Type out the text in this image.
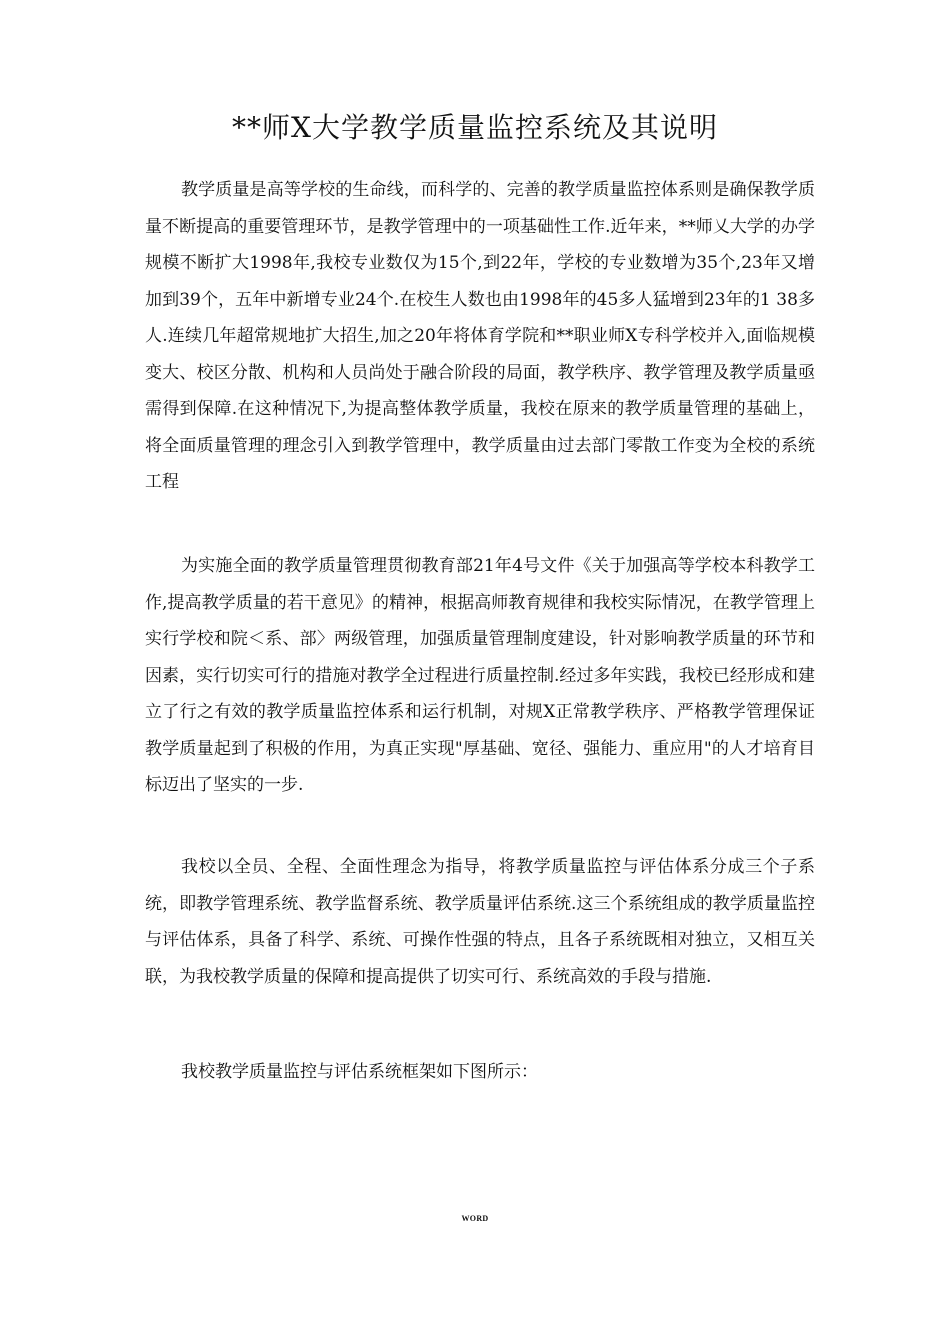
**师X大学教学质量监控系统及其说明

教学质量是高等学校的生命线，而科学的、完善的教学质量监控体系则是确保教学质量不断提高的重要管理环节，是教学管理中的一项基础性工作.近年来，**师乂大学的办学规模不断扩大1998年,我校专业数仅为15个,到22年，学校的专业数增为35个,23年又增加到39个，五年中新增专业24个.在校生人数也由1998年的45多人猛增到23年的1 38多人.连续几年超常规地扩大招生,加之20年将体育学院和**职业师X专科学校并入,面临规模变大、校区分散、机构和人员尚处于融合阶段的局面，教学秩序、教学管理及教学质量亟需得到保障.在这种情况下,为提高整体教学质量，我校在原来的教学质量管理的基础上，将全面质量管理的理念引入到教学管理中，教学质量由过去部门零散工作变为全校的系统工程

为实施全面的教学质量管理贯彻教育部21年4号文件《关于加强高等学校本科教学工作,提高教学质量的若干意见》的精神，根据高师教育规律和我校实际情况，在教学管理上实行学校和院＜系、部〉两级管理，加强质量管理制度建设，针对影响教学质量的环节和因素，实行切实可行的措施对教学全过程进行质量控制.经过多年实践，我校已经形成和建立了行之有效的教学质量监控体系和运行机制，对规X正常教学秩序、严格教学管理保证教学质量起到了积极的作用，为真正实现"厚基础、宽径、强能力、重应用"的人才培育目标迈出了坚实的一步.

我校以全员、全程、全面性理念为指导，将教学质量监控与评估体系分成三个子系统，即教学管理系统、教学监督系统、教学质量评估系统.这三个系统组成的教学质量监控与评估体系，具备了科学、系统、可操作性强的特点，且各子系统既相对独立，又相互关联，为我校教学质量的保障和提高提供了切实可行、系统高效的手段与措施.

我校教学质量监控与评估系统框架如下图所示：

WORD
